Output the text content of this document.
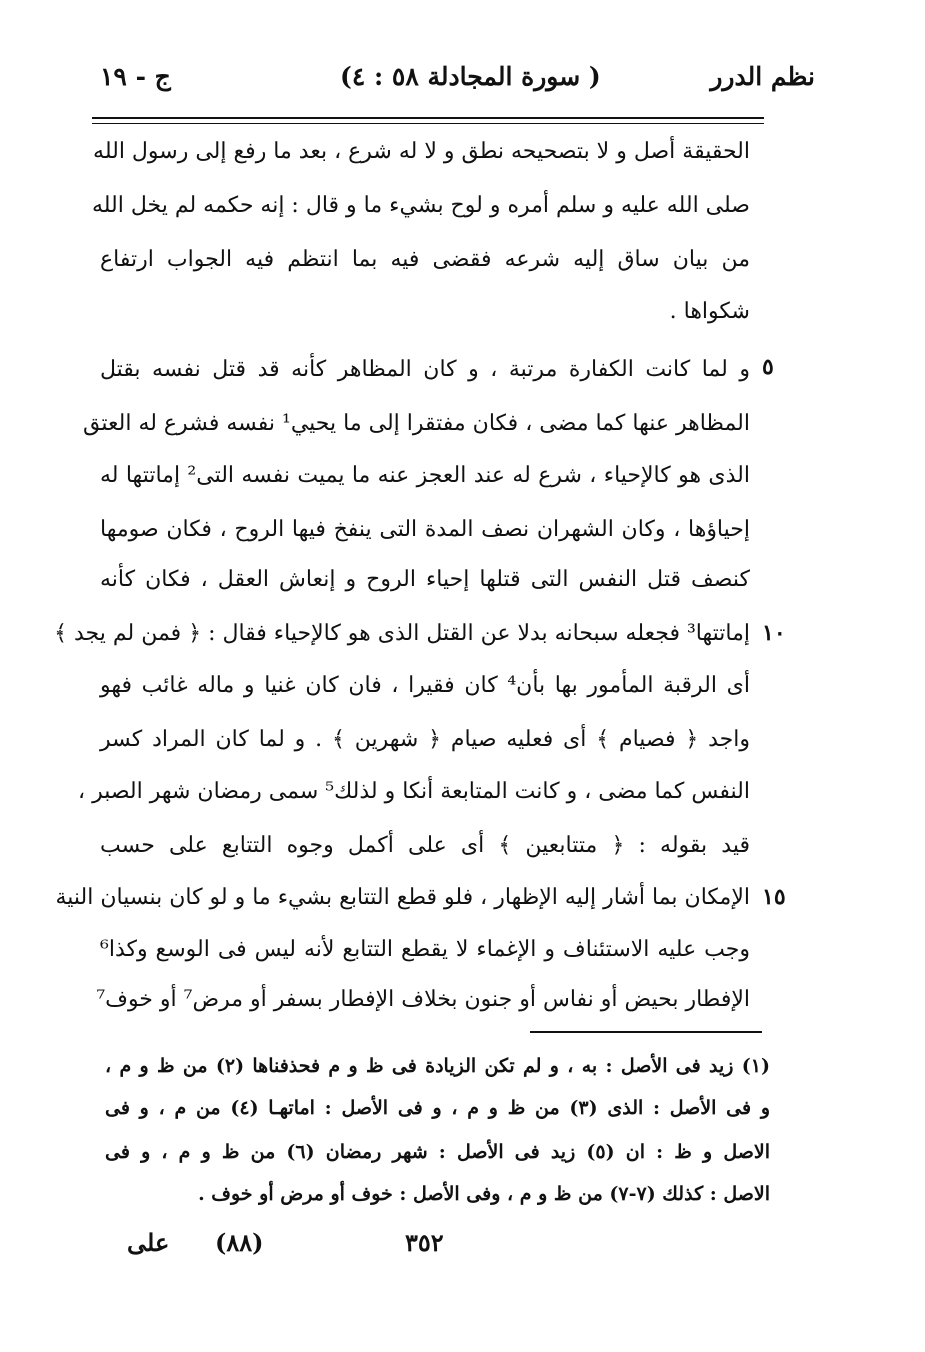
نظم الدرر
(سورة المجادلة ٥٨ : ٤ )
ج - ١٩
الحقيقة أصل و لا بتصحيحه نطق و لا له شرع ، بعد ما رفع إلى رسول الله
صلى الله عليه و سلم أمره و لوح بشيء ما و قال : إنه حكمه لم يخل الله
من بيان ساق إليه شرعه فقضى فيه بما انتظم فيه الجواب ارتفاع
شكواها .
و لما كانت الكفارة مرتبة ، و كان المظاهر كأنه قد قتل نفسه بقتل
المظاهر عنها كما مضى ، فكان مفتقرا إلى ما يحيي¹ نفسه فشرع له العتق
الذى هو كالإحياء ، شرع له عند العجز عنه ما يميت نفسه التى² إماتتها له
إحياؤها ، وكان الشهران نصف المدة التى ينفخ فيها الروح ، فكان صومها
كنصف قتل النفس التى قتلها إحياء الروح و إنعاش العقل ، فكان كأنه
إماتتها³ فجعله سبحانه بدلا عن القتل الذى هو كالإحياء فقال : ﴿ فمن لم يجد ﴾
أى الرقبة المأمور بها بأن⁴ كان فقيرا ، فان كان غنيا و ماله غائب فهو
واجد ﴿ فصيام ﴾ أى فعليه صيام ﴿ شهرين ﴾ . و لما كان المراد كسر
النفس كما مضى ، و كانت المتابعة أنكا و لذلك⁵ سمى رمضان شهر الصبر ،
قيد بقوله : ﴿ متتابعين ﴾ أى على أكمل وجوه التتابع على حسب
الإمكان بما أشار إليه الإظهار ، فلو قطع التتابع بشيء ما و لو كان بنسيان النية
وجب عليه الاستئناف و الإغماء لا يقطع التتابع لأنه ليس فى الوسع وكذا⁶
الإفطار بحيض أو نفاس أو جنون بخلاف الإفطار بسفر أو مرض⁷ أو خوف⁷
٥
١٠
١٥
(١) زيد فى الأصل : به ، و لم تكن الزيادة فى ظ و م فحذفناها (٢) من ظ و م ،
و فى الأصل : الذى (٣) من ظ و م ، و فى الأصل : اماتهـا (٤) من م ، و فى
الاصل و ظ : ان (٥) زيد فى الأصل : شهر رمضان (٦) من ظ و م ، و فى
الاصل : كذلك (٧-٧) من ظ و م ، وفى الأصل : خوف أو مرض أو خوف .
٣٥٢
(٨٨)
على
